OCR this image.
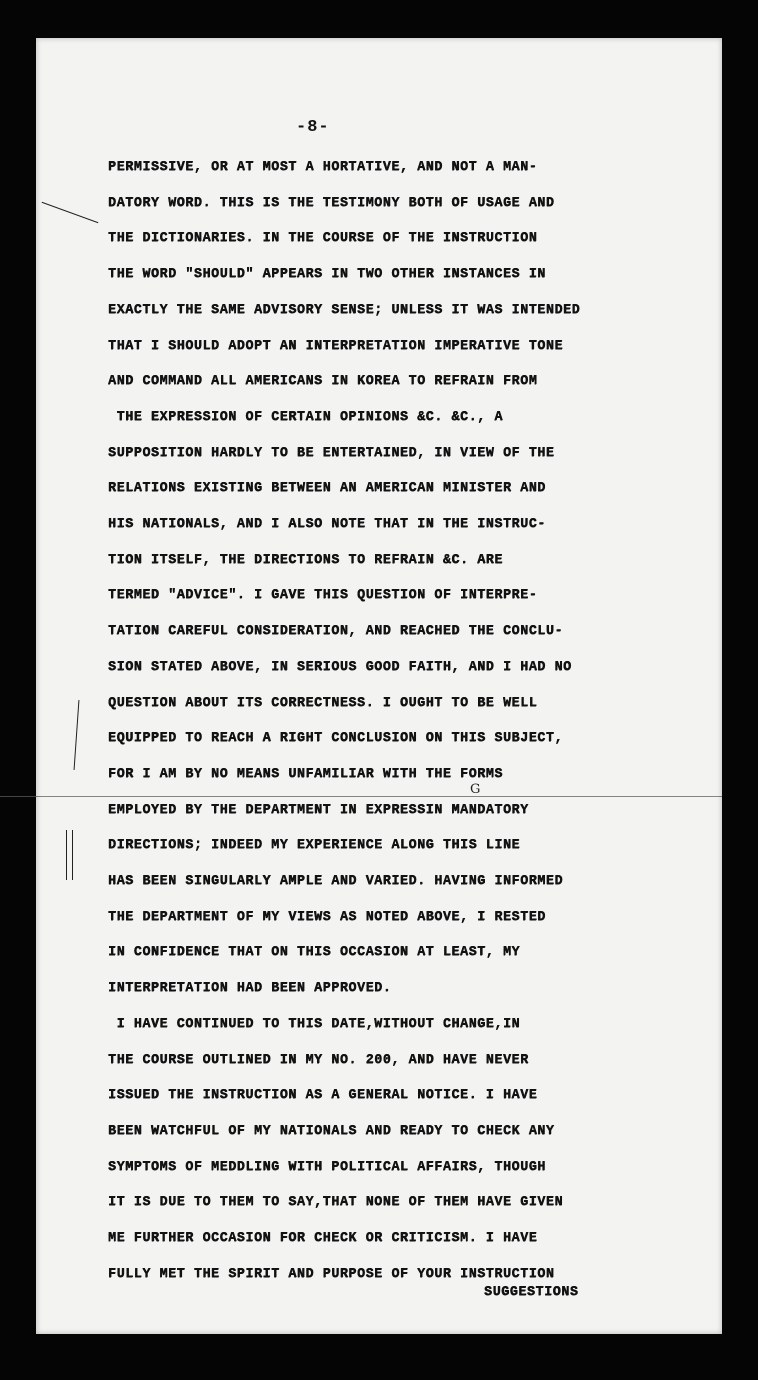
-8-
PERMISSIVE, OR AT MOST A HORTATIVE, AND NOT A MAN-
DATORY WORD. THIS IS THE TESTIMONY BOTH OF USAGE AND
THE DICTIONARIES. IN THE COURSE OF THE INSTRUCTION
THE WORD "SHOULD" APPEARS IN TWO OTHER INSTANCES IN
EXACTLY THE SAME ADVISORY SENSE; UNLESS IT WAS INTENDED
THAT I SHOULD ADOPT AN INTERPRETATION IMPERATIVE TONE
AND COMMAND ALL AMERICANS IN KOREA TO REFRAIN FROM
THE EXPRESSION OF CERTAIN OPINIONS &C. &C., A
SUPPOSITION HARDLY TO BE ENTERTAINED, IN VIEW OF THE
RELATIONS EXISTING BETWEEN AN AMERICAN MINISTER AND
HIS NATIONALS, AND I ALSO NOTE THAT IN THE INSTRUC-
TION ITSELF, THE DIRECTIONS TO REFRAIN &C. ARE
TERMED "ADVICE". I GAVE THIS QUESTION OF INTERPRE-
TATION CAREFUL CONSIDERATION, AND REACHED THE CONCLU-
SION STATED ABOVE, IN SERIOUS GOOD FAITH, AND I HAD NO
QUESTION ABOUT ITS CORRECTNESS. I OUGHT TO BE WELL
EQUIPPED TO REACH A RIGHT CONCLUSION ON THIS SUBJECT,
FOR I AM BY NO MEANS UNFAMILIAR WITH THE FORMS
EMPLOYED BY THE DEPARTMENT IN EXPRESSIN MANDATORY
DIRECTIONS; INDEED MY EXPERIENCE ALONG THIS LINE
HAS BEEN SINGULARLY AMPLE AND VARIED. HAVING INFORMED
THE DEPARTMENT OF MY VIEWS AS NOTED ABOVE, I RESTED
IN CONFIDENCE THAT ON THIS OCCASION AT LEAST, MY
INTERPRETATION HAD BEEN APPROVED.
I HAVE CONTINUED TO THIS DATE,WITHOUT CHANGE,IN
THE COURSE OUTLINED IN MY NO. 200, AND HAVE NEVER
ISSUED THE INSTRUCTION AS A GENERAL NOTICE. I HAVE
BEEN WATCHFUL OF MY NATIONALS AND READY TO CHECK ANY
SYMPTOMS OF MEDDLING WITH POLITICAL AFFAIRS, THOUGH
IT IS DUE TO THEM TO SAY,THAT NONE OF THEM HAVE GIVEN
ME FURTHER OCCASION FOR CHECK OR CRITICISM. I HAVE
FULLY MET THE SPIRIT AND PURPOSE OF YOUR INSTRUCTION
G
SUGGESTIONS
